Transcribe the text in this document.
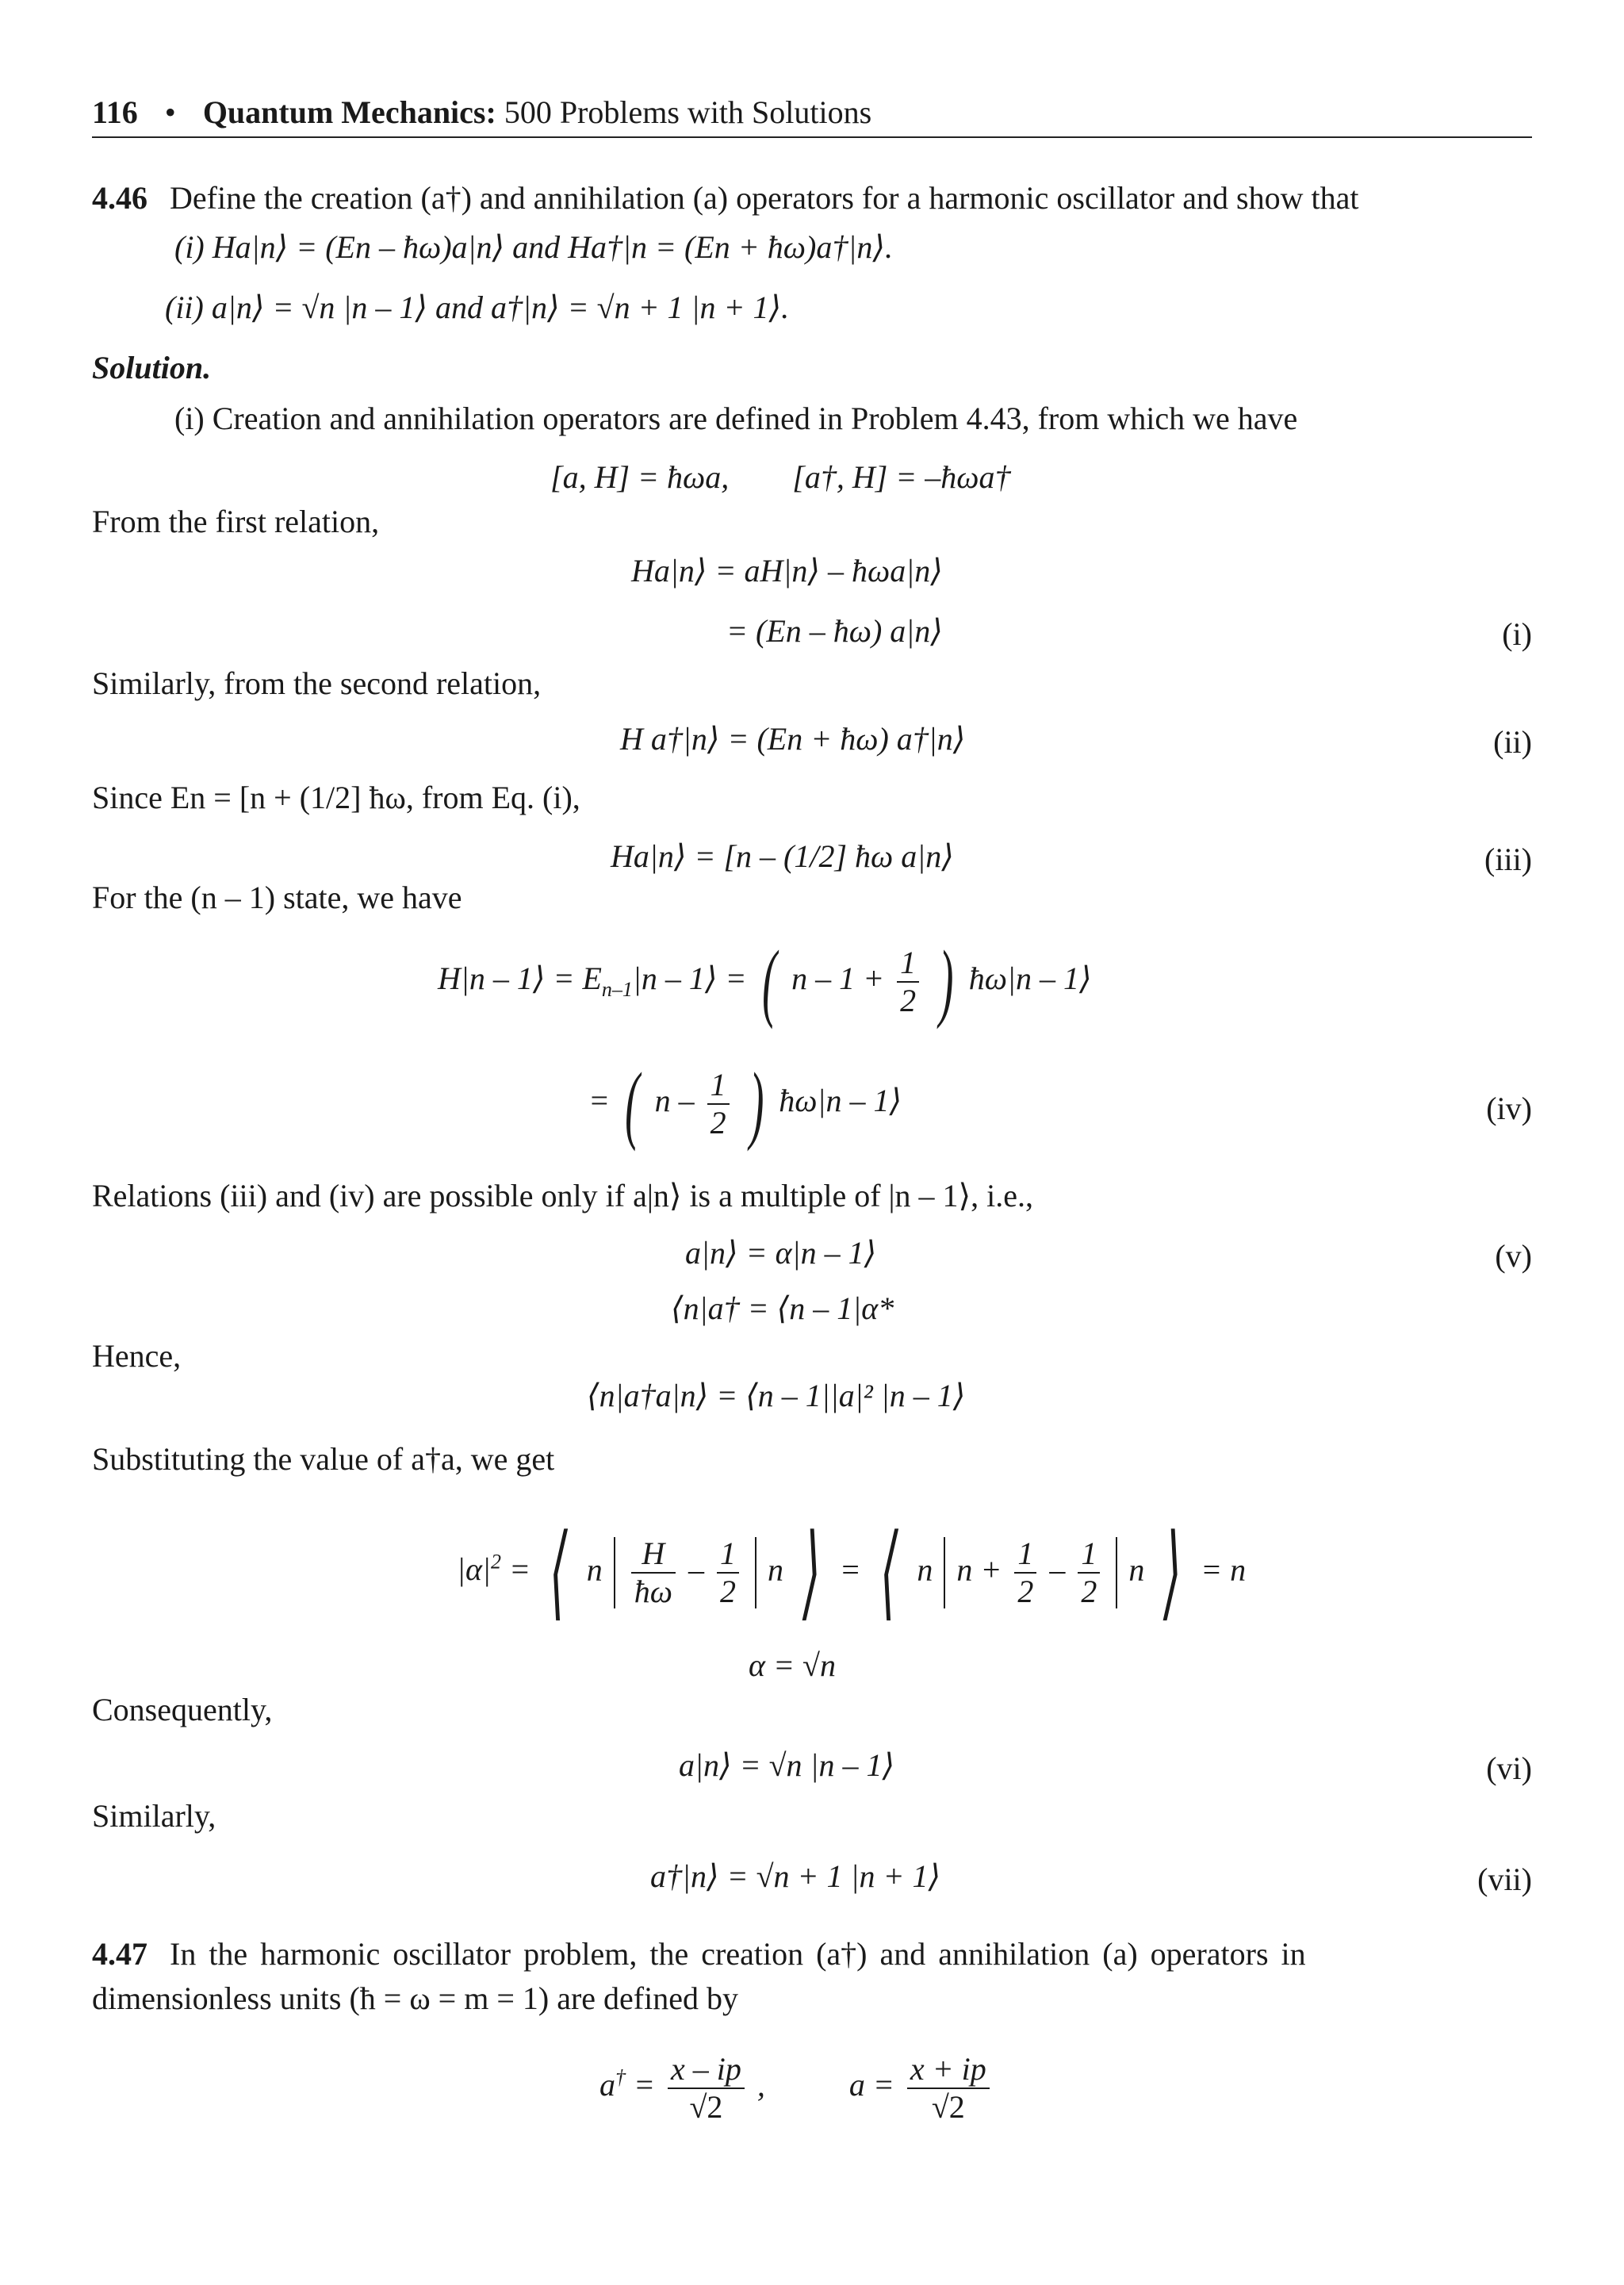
116 • Quantum Mechanics: 500 Problems with Solutions
4.46 Define the creation (a†) and annihilation (a) operators for a harmonic oscillator and show that
(i) Ha|n⟩ = (En – ħω)a|n⟩ and Ha†|n = (En + ħω)a†|n⟩.
(ii) a|n⟩ = √n |n – 1⟩ and a†|n⟩ = √n + 1 |n + 1⟩.
Solution.
(i) Creation and annihilation operators are defined in Problem 4.43, from which we have
[a, H] = ħωa,        [a†, H] = –ħωa†
From the first relation,
Ha|n⟩ = aH|n⟩ – ħωa|n⟩
= (En – ħω) a|n⟩	(i)
Similarly, from the second relation,
H a†|n⟩ = (En + ħω) a†|n⟩	(ii)
Since En = [n + (1/2] ħω, from Eq. (i),
Ha|n⟩ = [n – (1/2] ħω a|n⟩	(iii)
For the (n – 1) state, we have
H|n – 1⟩ = $E_{n-1}|n$ – 1⟩ = ( $n - 1 + \frac{1}{2}$ ) ħω|n – 1⟩
= ( n – $\frac{1}{2}$ ) ħω|n – 1⟩	(iv)
Relations (iii) and (iv) are possible only if a|n⟩ is a multiple of |n – 1⟩, i.e.,
a|n⟩ = α|n – 1⟩	(v)
⟨n|a† = ⟨n – 1|α*
Hence,
⟨n|a†a|n⟩ = ⟨n – 1||a|² |n – 1⟩
Substituting the value of a†a, we get
$|\alpha|^2$ = ⟨ n $\frac{H}{ħ\omega} - \frac{1}{2}$ n ⟩ = ⟨ n $n + \frac{1}{2} - \frac{1}{2}$ n ⟩ = n
α = √n
Consequently,
a|n⟩ = √n |n – 1⟩	(vi)
Similarly,
a†|n⟩ = √n + 1 |n + 1⟩	(vii)
4.47 In the harmonic oscillator problem, the creation (a†) and annihilation (a) operators in
dimensionless units (ħ = ω = m = 1) are defined by
$a^\dagger = \frac{x - ip}{√2}$ ,	$a = \frac{x + ip}{√2}$
